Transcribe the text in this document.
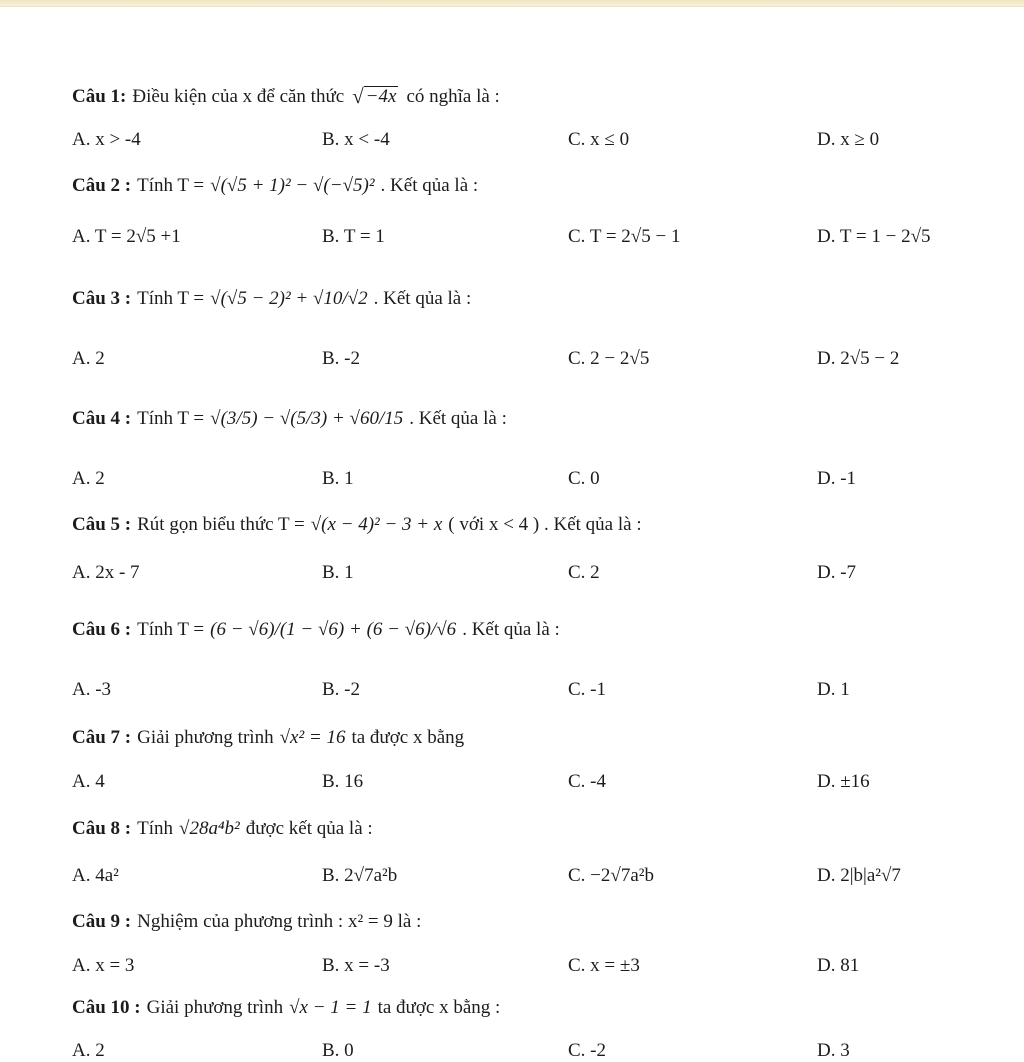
Câu 1: Điều kiện của x để căn thức √ −4x có nghĩa là :
A. x > -4	B. x < -4	C. x ≤ 0	D. x ≥ 0
Câu 2 : Tính T = √(√5 + 1)² − √(−√5)² . Kết qủa là :
A. T = 2√5 +1	B. T = 1	C. T = 2√5 − 1	D. T = 1 − 2√5
Câu 3 : Tính T = √(√5 − 2)² + √10/√2 . Kết qủa là :
A. 2	B. -2	C. 2 − 2√5	D. 2√5 − 2
Câu 4 : Tính T = √(3/5) − √(5/3) + √60/15 . Kết qủa là :
A. 2	B. 1	C. 0	D. -1
Câu 5 : Rút gọn biểu thức T = √(x − 4)² − 3 + x ( với x < 4 ) . Kết qủa là :
A. 2x - 7	B. 1	C. 2	D. -7
Câu 6 : Tính T = (6 − √6)/(1 − √6) + (6 − √6)/√6 . Kết qủa là :
A. -3	B. -2	C. -1	D. 1
Câu 7 : Giải phương trình √x² = 16 ta được x bằng
A. 4	B. 16	C. -4	D. ±16
Câu 8 : Tính √28a⁴b² được kết qủa là :
A. 4a²	B. 2√7a²b	C. −2√7a²b	D. 2|b|a²√7
Câu 9 : Nghiệm của phương trình : x² = 9 là :
A. x = 3	B. x = -3	C. x = ±3	D. 81
Câu 10 : Giải phương trình √x − 1 = 1 ta được x bằng :
A. 2	B. 0	C. -2	D. 3
